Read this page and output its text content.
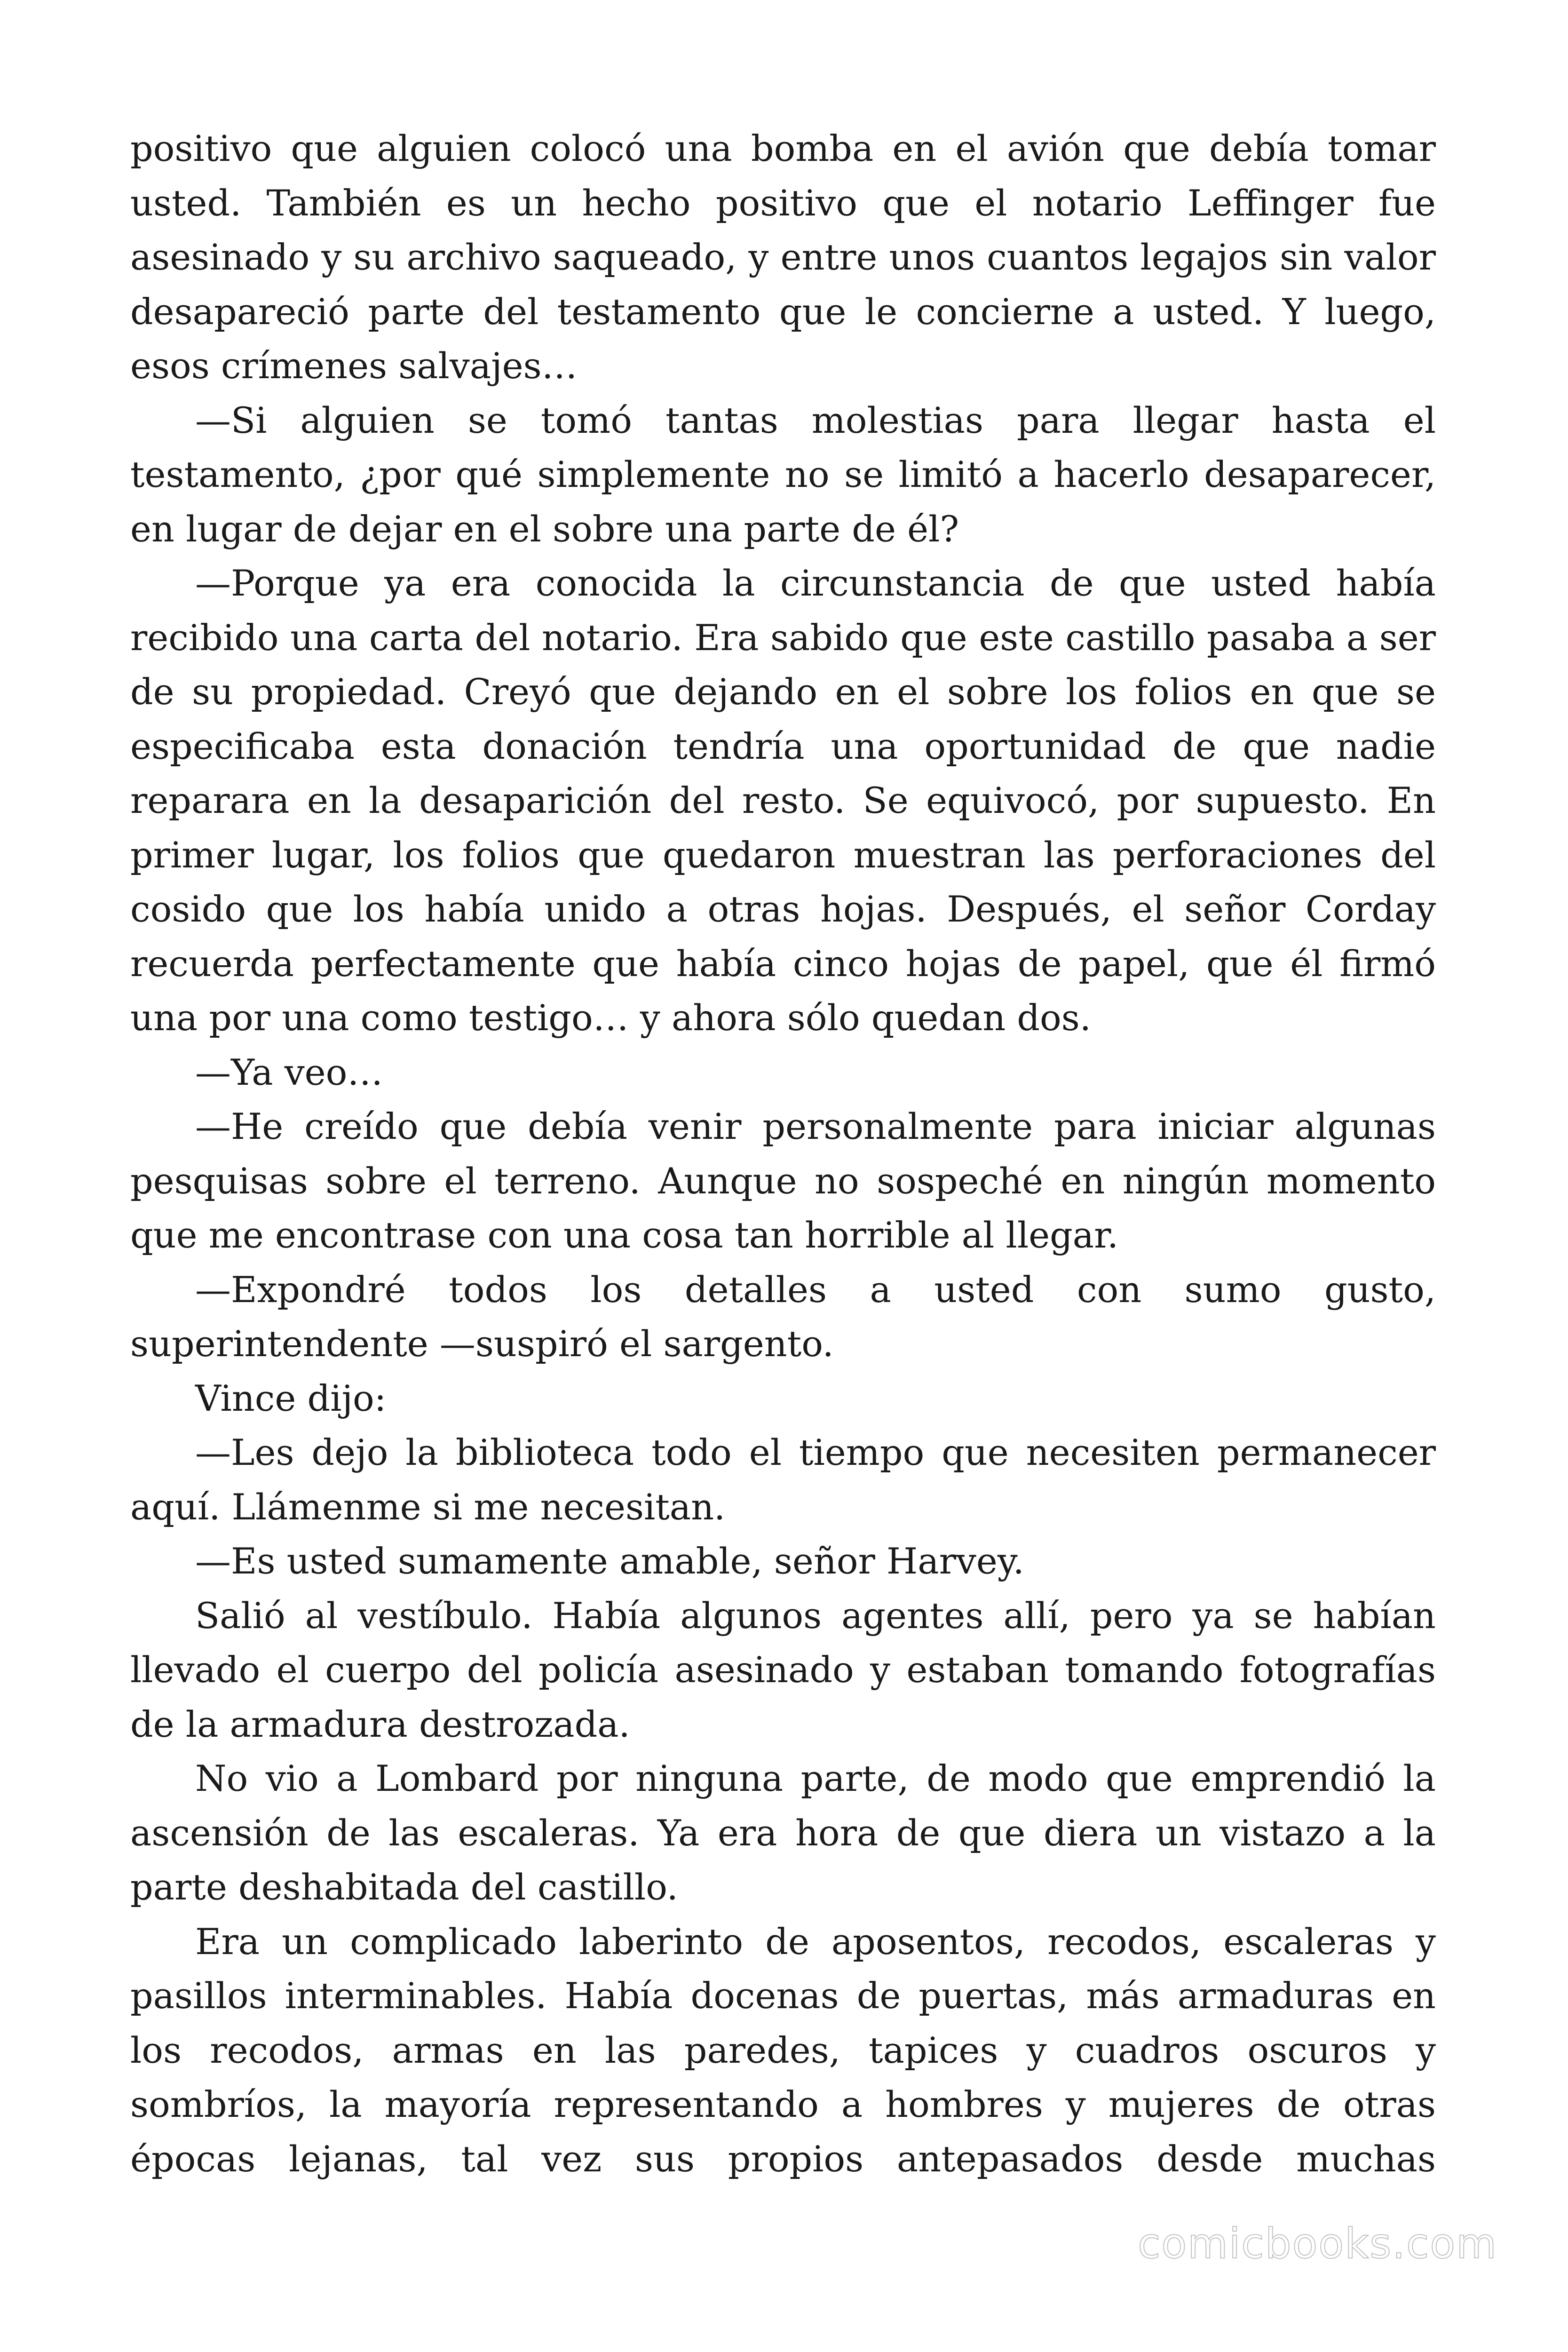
positivo que alguien colocó una bomba en el avión que debía tomar usted. También es un hecho positivo que el notario Leffinger fue asesinado y su archivo saqueado, y entre unos cuantos legajos sin valor desapareció parte del testamento que le concierne a usted. Y luego, esos crímenes salvajes…

—Si alguien se tomó tantas molestias para llegar hasta el testamento, ¿por qué simplemente no se limitó a hacerlo desaparecer, en lugar de dejar en el sobre una parte de él?

—Porque ya era conocida la circunstancia de que usted había recibido una carta del notario. Era sabido que este castillo pasaba a ser de su propiedad. Creyó que dejando en el sobre los folios en que se especificaba esta donación tendría una oportunidad de que nadie reparara en la desaparición del resto. Se equivocó, por supuesto. En primer lugar, los folios que quedaron muestran las perforaciones del cosido que los había unido a otras hojas. Después, el señor Corday recuerda perfectamente que había cinco hojas de papel, que él firmó una por una como testigo… y ahora sólo quedan dos.

—Ya veo…

—He creído que debía venir personalmente para iniciar algunas pesquisas sobre el terreno. Aunque no sospeché en ningún momento que me encontrase con una cosa tan horrible al llegar.

—Expondré todos los detalles a usted con sumo gusto, superintendente —suspiró el sargento.

Vince dijo:

—Les dejo la biblioteca todo el tiempo que necesiten permanecer aquí. Llámenme si me necesitan.

—Es usted sumamente amable, señor Harvey.

Salió al vestíbulo. Había algunos agentes allí, pero ya se habían llevado el cuerpo del policía asesinado y estaban tomando fotografías de la armadura destrozada.

No vio a Lombard por ninguna parte, de modo que emprendió la ascensión de las escaleras. Ya era hora de que diera un vistazo a la parte deshabitada del castillo.

Era un complicado laberinto de aposentos, recodos, escaleras y pasillos interminables. Había docenas de puertas, más armaduras en los recodos, armas en las paredes, tapices y cuadros oscuros y sombríos, la mayoría representando a hombres y mujeres de otras épocas lejanas, tal vez sus propios antepasados desde muchas

comicbooks.com
